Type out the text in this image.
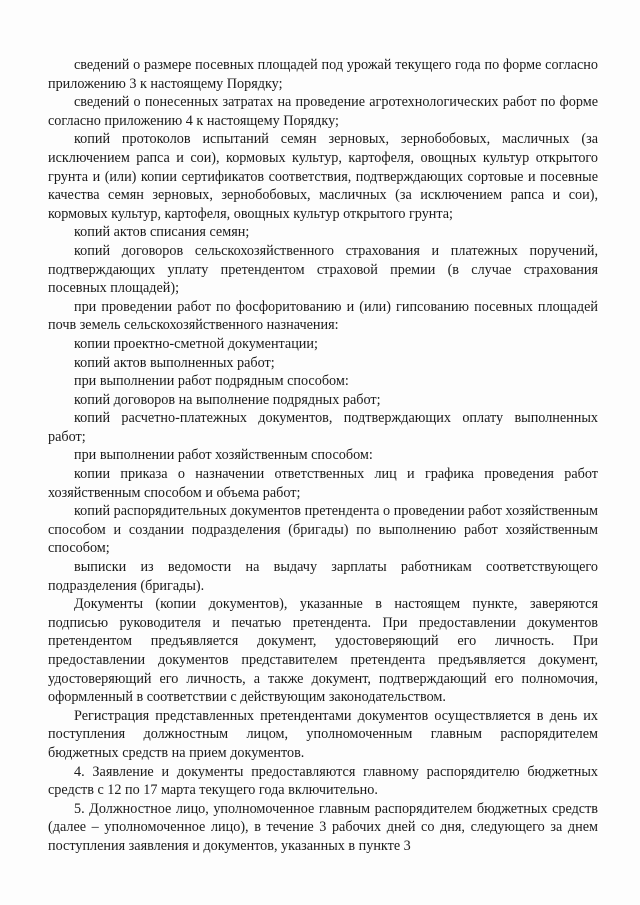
сведений о размере посевных площадей под урожай текущего года по форме согласно приложению 3 к настоящему Порядку;

сведений о понесенных затратах на проведение агротехнологических работ по форме согласно приложению 4 к настоящему Порядку;

копий протоколов испытаний семян зерновых, зернобобовых, масличных (за исключением рапса и сои), кормовых культур, картофеля, овощных культур открытого грунта и (или) копии сертификатов соответствия, подтверждающих сортовые и посевные качества семян зерновых, зернобобовых, масличных (за исключением рапса и сои), кормовых культур, картофеля, овощных культур открытого грунта;

копий актов списания семян;

копий договоров сельскохозяйственного страхования и платежных поручений, подтверждающих уплату претендентом страховой премии (в случае страхования посевных площадей);

при проведении работ по фосфоритованию и (или) гипсованию посевных площадей почв земель сельскохозяйственного назначения:

копии проектно-сметной документации;

копий актов выполненных работ;

при выполнении работ подрядным способом:

копий договоров на выполнение подрядных работ;

копий расчетно-платежных документов, подтверждающих оплату выполненных работ;

при выполнении работ хозяйственным способом:

копии приказа о назначении ответственных лиц и графика проведения работ хозяйственным способом и объема работ;

копий распорядительных документов претендента о проведении работ хозяйственным способом и создании подразделения (бригады) по выполнению работ хозяйственным способом;

выписки из ведомости на выдачу зарплаты работникам соответствующего подразделения (бригады).

Документы (копии документов), указанные в настоящем пункте, заверяются подписью руководителя и печатью претендента. При предоставлении документов претендентом предъявляется документ, удостоверяющий его личность. При предоставлении документов представителем претендента предъявляется документ, удостоверяющий его личность, а также документ, подтверждающий его полномочия, оформленный в соответствии с действующим законодательством.

Регистрация представленных претендентами документов осуществляется в день их поступления должностным лицом, уполномоченным главным распорядителем бюджетных средств на прием документов.

4. Заявление и документы предоставляются главному распорядителю бюджетных средств с 12 по 17 марта текущего года включительно.

5. Должностное лицо, уполномоченное главным распорядителем бюджетных средств (далее – уполномоченное лицо), в течение 3 рабочих дней со дня, следующего за днем поступления заявления и документов, указанных в пункте 3
